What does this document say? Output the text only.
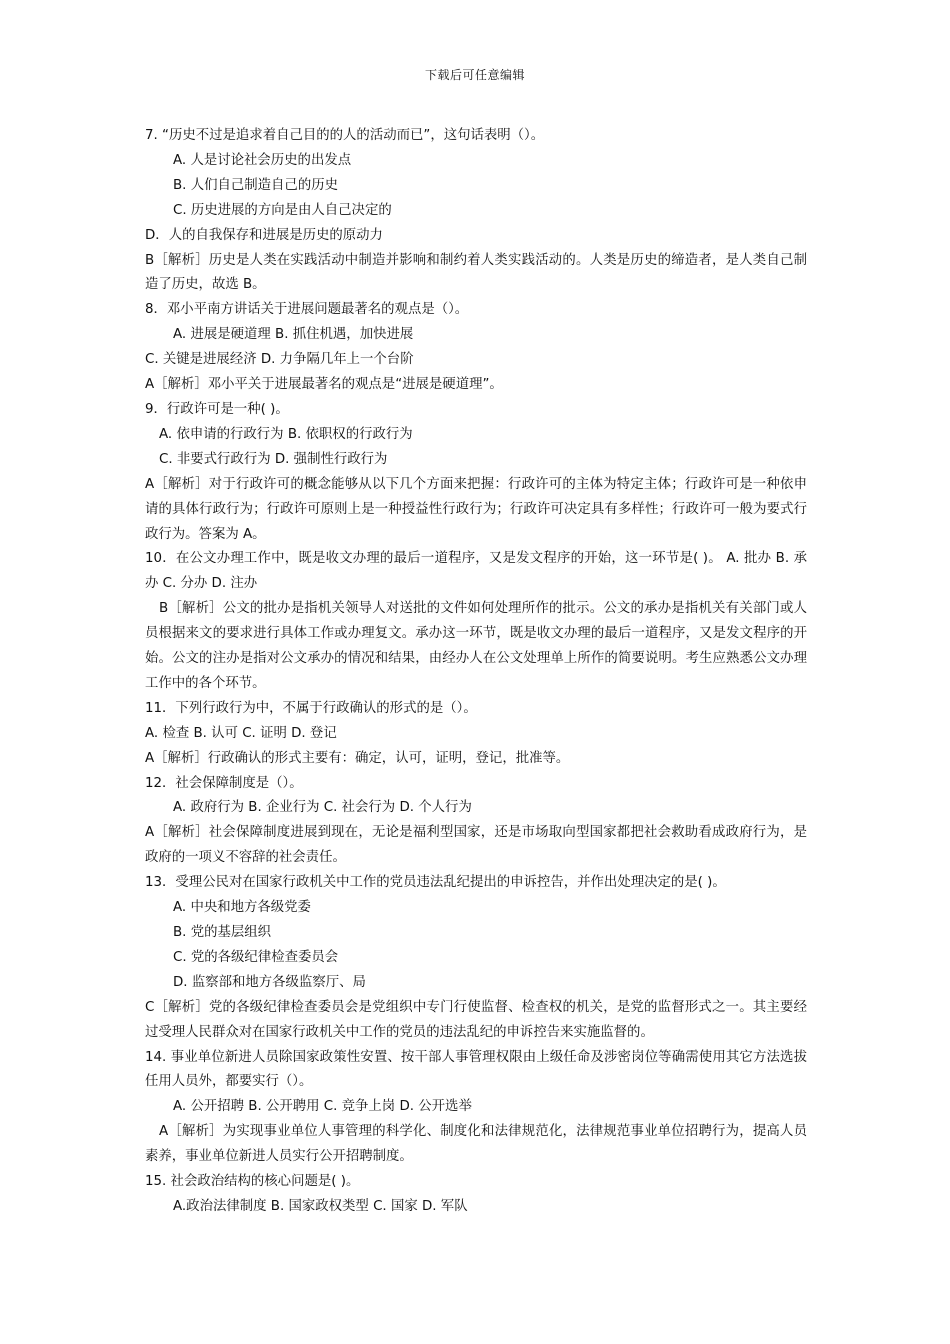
下载后可任意编辑
7. “历史不过是追求着自己目的的人的活动而已”，这句话表明（）。
A. 人是讨论社会历史的出发点
B. 人们自己制造自己的历史
C. 历史进展的方向是由人自己决定的
D．人的自我保存和进展是历史的原动力
B［解析］历史是人类在实践活动中制造并影响和制约着人类实践活动的。人类是历史的缔造者，是人类自己制造了历史，故选 B。
8．邓小平南方讲话关于进展问题最著名的观点是（）。
A. 进展是硬道理 B. 抓住机遇，加快进展
C. 关键是进展经济 D. 力争隔几年上一个台阶
A［解析］邓小平关于进展最著名的观点是“进展是硬道理”。
9．行政许可是一种( )。
A. 依申请的行政行为 B. 依职权的行政行为
C. 非要式行政行为 D. 强制性行政行为
A［解析］对于行政许可的概念能够从以下几个方面来把握：行政许可的主体为特定主体；行政许可是一种依申请的具体行政行为；行政许可原则上是一种授益性行政行为；行政许可决定具有多样性；行政许可一般为要式行政行为。答案为 A。
10．在公文办理工作中，既是收文办理的最后一道程序，又是发文程序的开始，这一环节是( )。 A. 批办 B. 承办 C. 分办 D. 注办
B［解析］公文的批办是指机关领导人对送批的文件如何处理所作的批示。公文的承办是指机关有关部门或人员根据来文的要求进行具体工作或办理复文。承办这一环节，既是收文办理的最后一道程序，又是发文程序的开始。公文的注办是指对公文承办的情况和结果，由经办人在公文处理单上所作的简要说明。考生应熟悉公文办理工作中的各个环节。
11．下列行政行为中，不属于行政确认的形式的是（）。
A. 检查 B. 认可 C. 证明 D. 登记
A［解析］行政确认的形式主要有：确定，认可，证明，登记，批准等。
12．社会保障制度是（）。
A. 政府行为 B. 企业行为 C. 社会行为 D. 个人行为
A［解析］社会保障制度进展到现在，无论是福利型国家，还是市场取向型国家都把社会救助看成政府行为，是政府的一项义不容辞的社会责任。
13．受理公民对在国家行政机关中工作的党员违法乱纪提出的申诉控告，并作出处理决定的是( )。
A. 中央和地方各级党委
B. 党的基层组织
C. 党的各级纪律检查委员会
D. 监察部和地方各级监察厅、局
C［解析］党的各级纪律检查委员会是党组织中专门行使监督、检查权的机关，是党的监督形式之一。其主要经过受理人民群众对在国家行政机关中工作的党员的违法乱纪的申诉控告来实施监督的。
14. 事业单位新进人员除国家政策性安置、按干部人事管理权限由上级任命及涉密岗位等确需使用其它方法选拔任用人员外，都要实行（）。
A. 公开招聘 B. 公开聘用 C. 竞争上岗 D. 公开选举
A［解析］为实现事业单位人事管理的科学化、制度化和法律规范化，法律规范事业单位招聘行为，提高人员素养，事业单位新进人员实行公开招聘制度。
15. 社会政治结构的核心问题是( )。
A.政治法律制度 B. 国家政权类型 C. 国家 D. 军队
